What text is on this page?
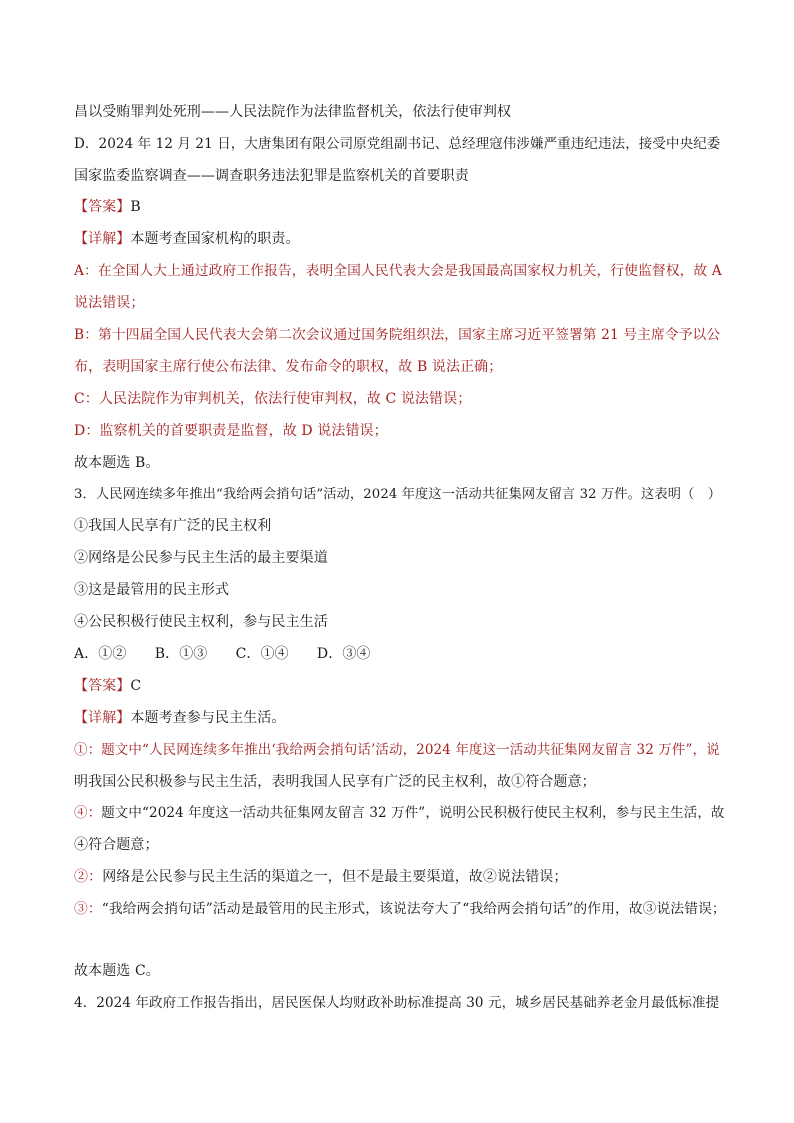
昌以受贿罪判处死刑——人民法院作为法律监督机关，依法行使审判权
D．2024 年 12 月 21 日，大唐集团有限公司原党组副书记、总经理寇伟涉嫌严重违纪违法，接受中央纪委
国家监委监察调查——调查职务违法犯罪是监察机关的首要职责
【答案】B
【详解】本题考查国家机构的职责。
A：在全国人大上通过政府工作报告，表明全国人民代表大会是我国最高国家权力机关，行使监督权，故 A
说法错误；
B：第十四届全国人民代表大会第二次会议通过国务院组织法，国家主席习近平签署第 21 号主席令予以公
布，表明国家主席行使公布法律、发布命令的职权，故 B 说法正确；
C：人民法院作为审判机关，依法行使审判权，故 C 说法错误；
D：监察机关的首要职责是监督，故 D 说法错误；
故本题选 B。
3．人民网连续多年推出“我给两会捎句话”活动，2024 年度这一活动共征集网友留言 32 万件。这表明（　）
①我国人民享有广泛的民主权利
②网络是公民参与民主生活的最主要渠道
③这是最管用的民主形式
④公民积极行使民主权利，参与民主生活
A．①②　　B．①③　　C．①④　　D．③④
【答案】C
【详解】本题考查参与民主生活。
①：题文中“人民网连续多年推出‘我给两会捎句话’活动，2024 年度这一活动共征集网友留言 32 万件”，说
明我国公民积极参与民主生活，表明我国人民享有广泛的民主权利，故①符合题意；
④：题文中“2024 年度这一活动共征集网友留言 32 万件”，说明公民积极行使民主权利，参与民主生活，故
④符合题意；
②：网络是公民参与民主生活的渠道之一，但不是最主要渠道，故②说法错误；
③：“我给两会捎句话”活动是最管用的民主形式，该说法夸大了“我给两会捎句话”的作用，故③说法错误；
故本题选 C。
4．2024 年政府工作报告指出，居民医保人均财政补助标准提高 30 元，城乡居民基础养老金月最低标准提
